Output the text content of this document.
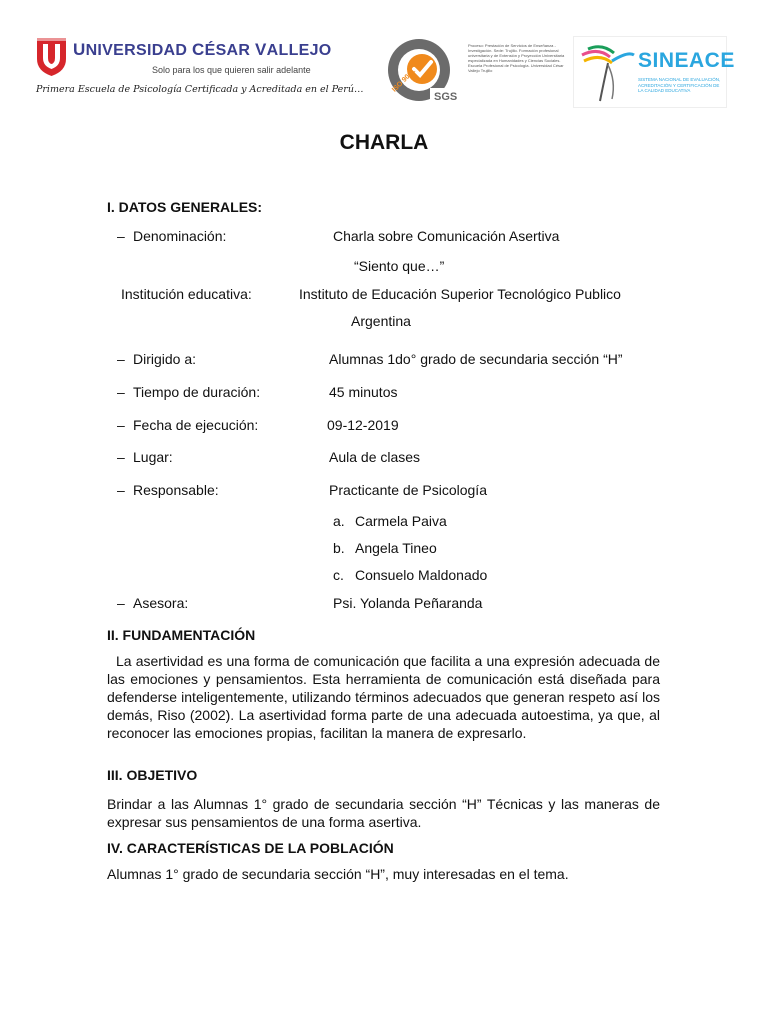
UNIVERSIDAD CÉSAR VALLEJO
Solo para los que quieren salir adelante
Primera Escuela de Psicología Certificada y Acreditada en el Perú…	ISO 9001
SGS
Proceso: Prestación de Servicios de Enseñanza - Investigación. Sede: Trujillo. Formación profesional universitaria y de Extensión y Proyección Universitaria especializada en Humanidades y Ciencias Sociales. Escuela Profesional de Psicología. Universidad César Vallejo Trujillo	SINEACE
SISTEMA NACIONAL DE EVALUACIÓN, ACREDITACIÓN Y CERTIFICACIÓN DE LA CALIDAD EDUCATIVA
CHARLA
I. DATOS GENERALES:
– Denominación:	Charla sobre Comunicación Asertiva
“Siento que…”
Institución educativa:	Instituto de Educación Superior Tecnológico Publico
Argentina
– Dirigido a:	Alumnas 1do° grado de secundaria sección “H”
– Tiempo de duración:	45 minutos
– Fecha de ejecución:	09-12-2019
– Lugar:	Aula de clases
– Responsable:	Practicante de Psicología
a. Carmela Paiva
b. Angela Tineo
c. Consuelo Maldonado
– Asesora:	Psi. Yolanda Peñaranda
II. FUNDAMENTACIÓN
La asertividad es una forma de comunicación que facilita a una expresión adecuada de las emociones y pensamientos. Esta herramienta de comunicación está diseñada para defenderse inteligentemente, utilizando términos adecuados que generan respeto así los demás, Riso (2002). La asertividad forma parte de una adecuada autoestima, ya que, al reconocer las emociones propias, facilitan la manera de expresarlo.
III. OBJETIVO
Brindar a las Alumnas 1° grado de secundaria sección “H” Técnicas y las maneras de expresar sus pensamientos de una forma asertiva.
IV. CARACTERÍSTICAS DE LA POBLACIÓN
Alumnas 1° grado de secundaria sección “H”, muy interesadas en el tema.
